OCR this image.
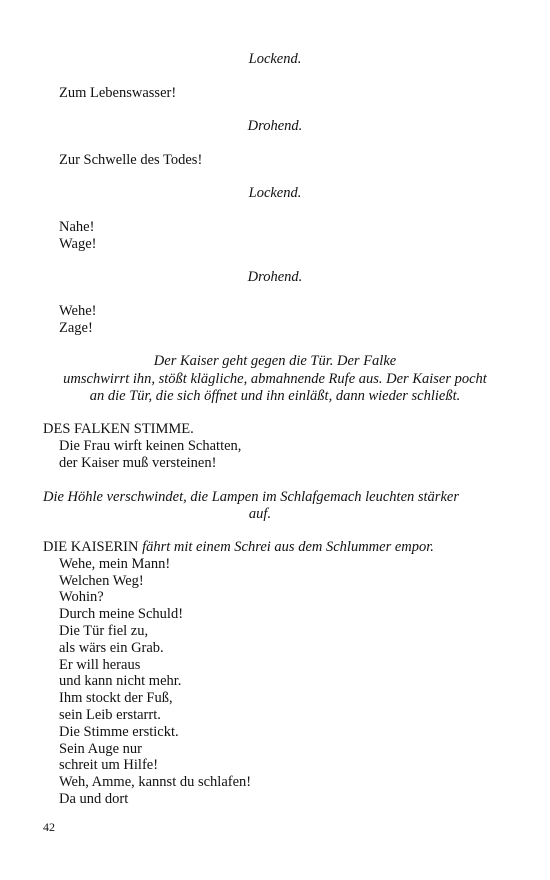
Lockend.
Zum Lebenswasser!
Drohend.
Zur Schwelle des Todes!
Lockend.
Nahe!
Wage!
Drohend.
Wehe!
Zage!
Der Kaiser geht gegen die Tür. Der Falke
umschwirrt ihn, stößt klägliche, abmahnende Rufe aus. Der Kaiser pocht
an die Tür, die sich öffnet und ihn einläßt, dann wieder schließt.
DES FALKEN STIMME.
Die Frau wirft keinen Schatten,
der Kaiser muß versteinen!
Die Höhle verschwindet, die Lampen im Schlafgemach leuchten stärker
auf.
DIE KAISERIN fährt mit einem Schrei aus dem Schlummer empor.
Wehe, mein Mann!
Welchen Weg!
Wohin?
Durch meine Schuld!
Die Tür fiel zu,
als wärs ein Grab.
Er will heraus
und kann nicht mehr.
Ihm stockt der Fuß,
sein Leib erstarrt.
Die Stimme erstickt.
Sein Auge nur
schreit um Hilfe!
Weh, Amme, kannst du schlafen!
Da und dort
42
